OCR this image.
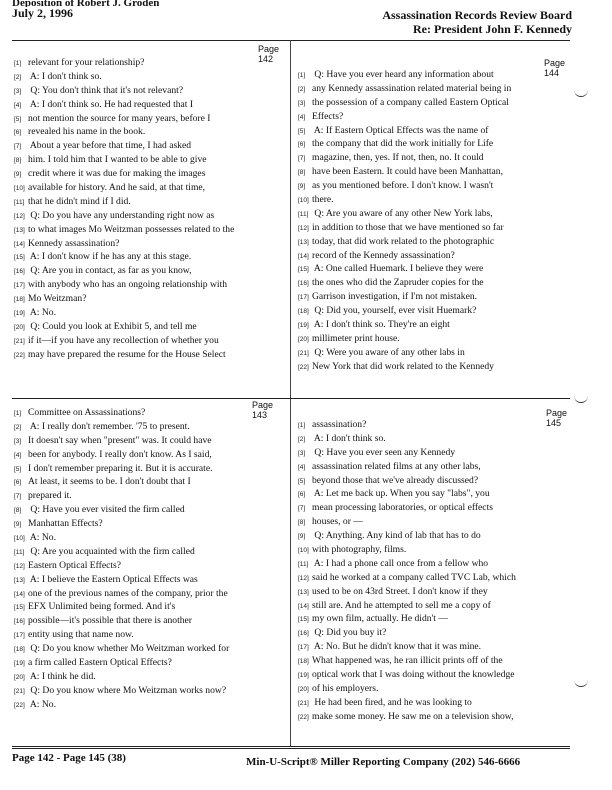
Deposition of Robert J. Groden
July 2, 1996	Assassination Records Review Board
Re: President John F. Kennedy
Page 142
[1] relevant for your relationship?
[2] A: I don't think so.
[3] Q: You don't think that it's not relevant?
[4] A: I don't think so. He had requested that I
[5] not mention the source for many years, before I
[6] revealed his name in the book.
[7] About a year before that time, I had asked
[8] him. I told him that I wanted to be able to give
[9] credit where it was due for making the images
[10] available for history. And he said, at that time,
[11] that he didn't mind if I did.
[12] Q: Do you have any understanding right now as
[13] to what images Mo Weitzman possesses related to the
[14] Kennedy assassination?
[15] A: I don't know if he has any at this stage.
[16] Q: Are you in contact, as far as you know,
[17] with anybody who has an ongoing relationship with
[18] Mo Weitzman?
[19] A: No.
[20] Q: Could you look at Exhibit 5, and tell me
[21] if it—if you have any recollection of whether you
[22] may have prepared the resume for the House Select
Page 144
[1] Q: Have you ever heard any information about
[2] any Kennedy assassination related material being in
[3] the possession of a company called Eastern Optical
[4] Effects?
[5] A: If Eastern Optical Effects was the name of
[6] the company that did the work initially for Life
[7] magazine, then, yes. If not, then, no. It could
[8] have been Eastern. It could have been Manhattan,
[9] as you mentioned before. I don't know. I wasn't
[10] there.
[11] Q: Are you aware of any other New York labs,
[12] in addition to those that we have mentioned so far
[13] today, that did work related to the photographic
[14] record of the Kennedy assassination?
[15] A: One called Huemark. I believe they were
[16] the ones who did the Zapruder copies for the
[17] Garrison investigation, if I'm not mistaken.
[18] Q: Did you, yourself, ever visit Huemark?
[19] A: I don't think so. They're an eight
[20] millimeter print house.
[21] Q: Were you aware of any other labs in
[22] New York that did work related to the Kennedy
Page 143
[1] Committee on Assassinations?
[2] A: I really don't remember. '75 to present.
[3] It doesn't say when "present" was. It could have
[4] been for anybody. I really don't know. As I said,
[5] I don't remember preparing it. But it is accurate.
[6] At least, it seems to be. I don't doubt that I
[7] prepared it.
[8] Q: Have you ever visited the firm called
[9] Manhattan Effects?
[10] A: No.
[11] Q: Are you acquainted with the firm called
[12] Eastern Optical Effects?
[13] A: I believe the Eastern Optical Effects was
[14] one of the previous names of the company, prior the
[15] EFX Unlimited being formed. And it's
[16] possible—it's possible that there is another
[17] entity using that name now.
[18] Q: Do you know whether Mo Weitzman worked for
[19] a firm called Eastern Optical Effects?
[20] A: I think he did.
[21] Q: Do you know where Mo Weitzman works now?
[22] A: No.
Page 145
[1] assassination?
[2] A: I don't think so.
[3] Q: Have you ever seen any Kennedy
[4] assassination related films at any other labs,
[5] beyond those that we've already discussed?
[6] A: Let me back up. When you say "labs", you
[7] mean processing laboratories, or optical effects
[8] houses, or —
[9] Q: Anything. Any kind of lab that has to do
[10] with photography, films.
[11] A: I had a phone call once from a fellow who
[12] said he worked at a company called TVC Lab, which
[13] used to be on 43rd Street. I don't know if they
[14] still are. And he attempted to sell me a copy of
[15] my own film, actually. He didn't —
[16] Q: Did you buy it?
[17] A: No. But he didn't know that it was mine.
[18] What happened was, he ran illicit prints off of the
[19] optical work that I was doing without the knowledge
[20] of his employers.
[21] He had been fired, and he was looking to
[22] make some money. He saw me on a television show,
Page 142 - Page 145 (38)	Min-U-Script® Miller Reporting Company (202) 546-6666
